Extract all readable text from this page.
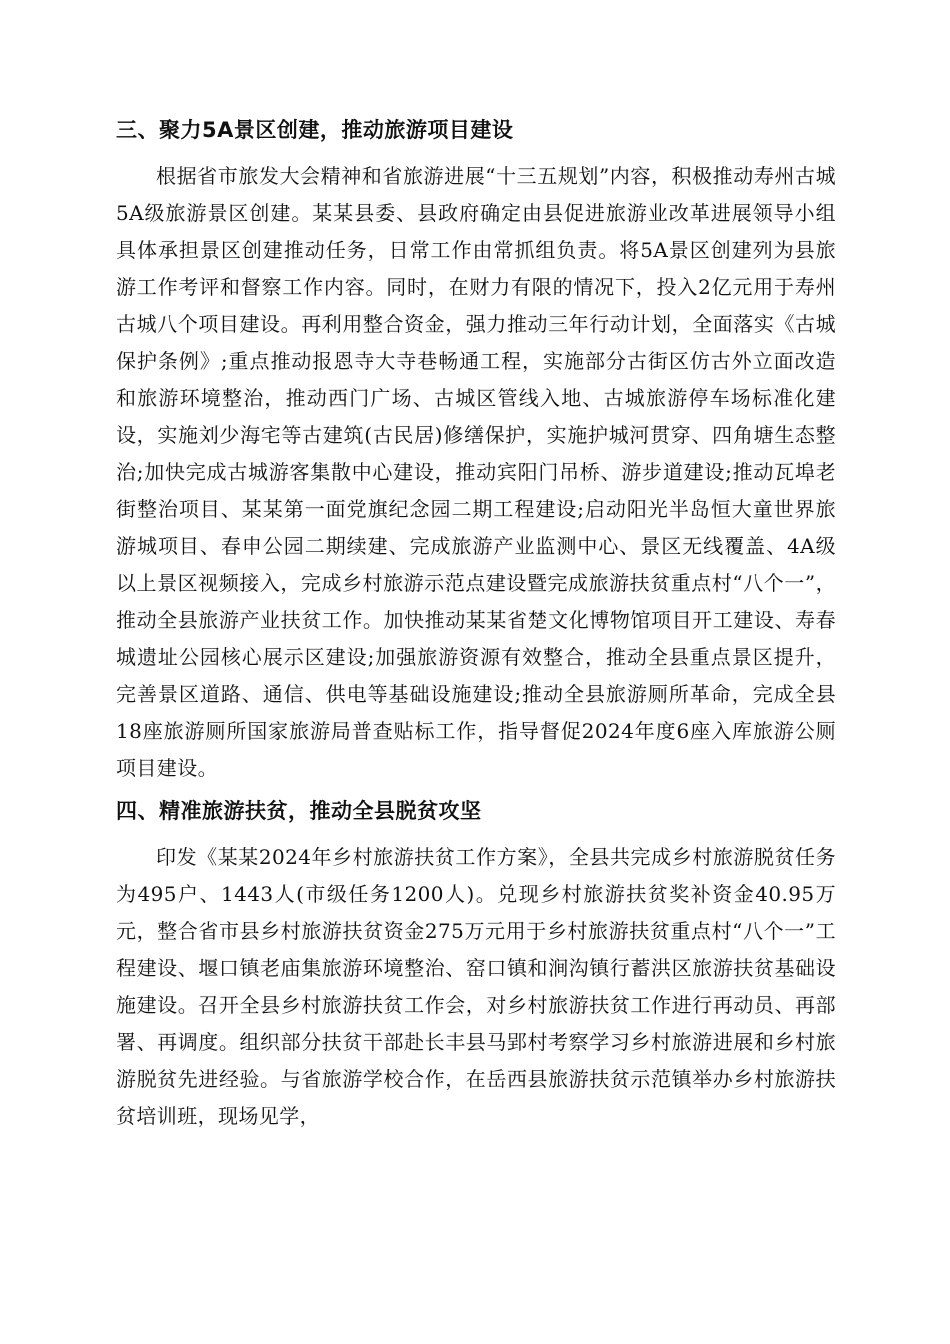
三、聚力5A景区创建，推动旅游项目建设

根据省市旅发大会精神和省旅游进展“十三五规划”内容，积极推动寿州古城5A级旅游景区创建。某某县委、县政府确定由县促进旅游业改革进展领导小组具体承担景区创建推动任务，日常工作由常抓组负责。将5A景区创建列为县旅游工作考评和督察工作内容。同时，在财力有限的情况下，投入2亿元用于寿州古城八个项目建设。再利用整合资金，强力推动三年行动计划，全面落实《古城保护条例》;重点推动报恩寺大寺巷畅通工程，实施部分古街区仿古外立面改造和旅游环境整治，推动西门广场、古城区管线入地、古城旅游停车场标准化建设，实施刘少海宅等古建筑(古民居)修缮保护，实施护城河贯穿、四角塘生态整治;加快完成古城游客集散中心建设，推动宾阳门吊桥、游步道建设;推动瓦埠老街整治项目、某某第一面党旗纪念园二期工程建设;启动阳光半岛恒大童世界旅游城项目、春申公园二期续建、完成旅游产业监测中心、景区无线覆盖、4A级以上景区视频接入，完成乡村旅游示范点建设暨完成旅游扶贫重点村“八个一”，推动全县旅游产业扶贫工作。加快推动某某省楚文化博物馆项目开工建设、寿春城遗址公园核心展示区建设;加强旅游资源有效整合，推动全县重点景区提升，完善景区道路、通信、供电等基础设施建设;推动全县旅游厕所革命，完成全县18座旅游厕所国家旅游局普查贴标工作，指导督促2024年度6座入库旅游公厕项目建设。

四、精准旅游扶贫，推动全县脱贫攻坚

印发《某某2024年乡村旅游扶贫工作方案》，全县共完成乡村旅游脱贫任务为495户、1443人(市级任务1200人)。兑现乡村旅游扶贫奖补资金40.95万元，整合省市县乡村旅游扶贫资金275万元用于乡村旅游扶贫重点村“八个一”工程建设、堰口镇老庙集旅游环境整治、窑口镇和涧沟镇行蓄洪区旅游扶贫基础设施建设。召开全县乡村旅游扶贫工作会，对乡村旅游扶贫工作进行再动员、再部署、再调度。组织部分扶贫干部赴长丰县马郢村考察学习乡村旅游进展和乡村旅游脱贫先进经验。与省旅游学校合作，在岳西县旅游扶贫示范镇举办乡村旅游扶贫培训班，现场见学，
